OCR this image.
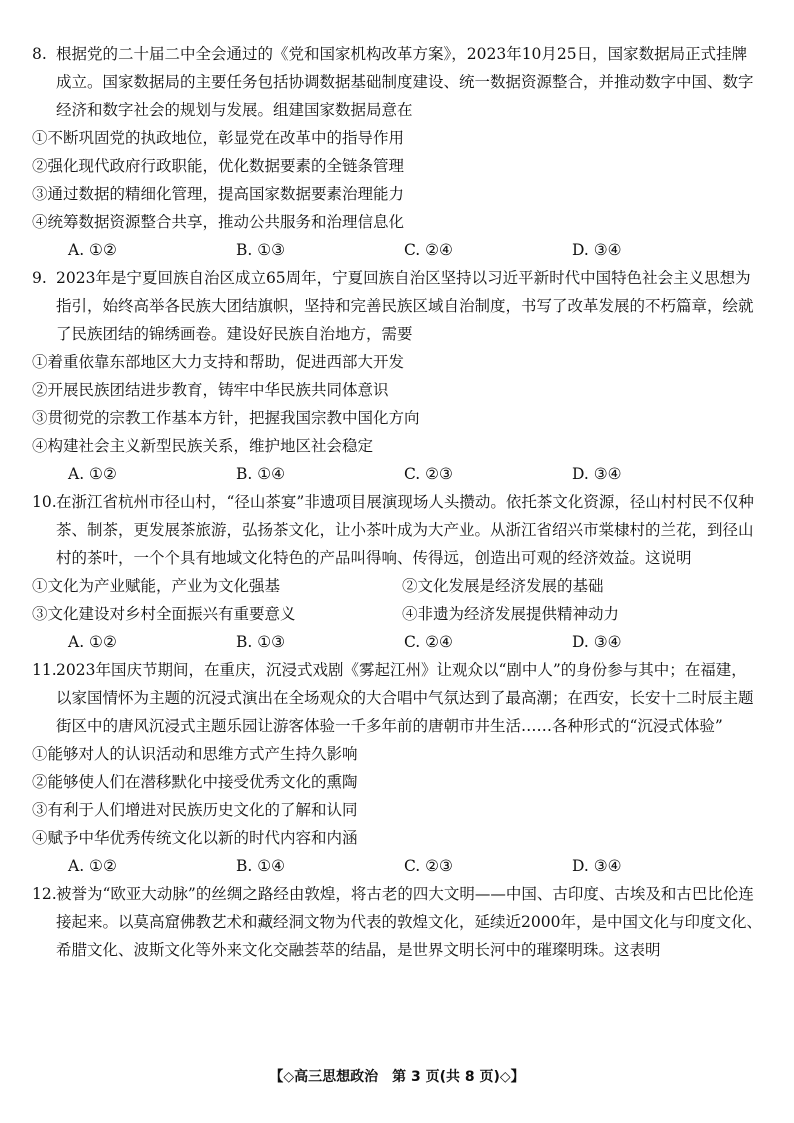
8. 根据党的二十届二中全会通过的《党和国家机构改革方案》，2023年10月25日，国家数据局正式挂牌成立。国家数据局的主要任务包括协调数据基础制度建设、统一数据资源整合，并推动数字中国、数字经济和数字社会的规划与发展。组建国家数据局意在

①不断巩固党的执政地位，彰显党在改革中的指导作用

②强化现代政府行政职能，优化数据要素的全链条管理

③通过数据的精细化管理，提高国家数据要素治理能力

④统筹数据资源整合共享，推动公共服务和治理信息化

A. ①②	B. ①③	C. ②④	D. ③④

9. 2023年是宁夏回族自治区成立65周年，宁夏回族自治区坚持以习近平新时代中国特色社会主义思想为指引，始终高举各民族大团结旗帜，坚持和完善民族区域自治制度，书写了改革发展的不朽篇章，绘就了民族团结的锦绣画卷。建设好民族自治地方，需要

①着重依靠东部地区大力支持和帮助，促进西部大开发

②开展民族团结进步教育，铸牢中华民族共同体意识

③贯彻党的宗教工作基本方针，把握我国宗教中国化方向

④构建社会主义新型民族关系，维护地区社会稳定

A. ①②	B. ①④	C. ②③	D. ③④

10.在浙江省杭州市径山村，“径山茶宴”非遗项目展演现场人头攒动。依托茶文化资源，径山村村民不仅种茶、制茶，更发展茶旅游，弘扬茶文化，让小茶叶成为大产业。从浙江省绍兴市棠棣村的兰花，到径山村的茶叶，一个个具有地域文化特色的产品叫得响、传得远，创造出可观的经济效益。这说明

①文化为产业赋能，产业为文化强基	②文化发展是经济发展的基础
③文化建设对乡村全面振兴有重要意义	④非遗为经济发展提供精神动力
A. ①②	B. ①③	C. ②④	D. ③④

11.2023年国庆节期间，在重庆，沉浸式戏剧《雾起江州》让观众以“剧中人”的身份参与其中；在福建，以家国情怀为主题的沉浸式演出在全场观众的大合唱中气氛达到了最高潮；在西安，长安十二时辰主题街区中的唐风沉浸式主题乐园让游客体验一千多年前的唐朝市井生活……各种形式的“沉浸式体验”

①能够对人的认识活动和思维方式产生持久影响

②能够使人们在潜移默化中接受优秀文化的熏陶

③有利于人们增进对民族历史文化的了解和认同

④赋予中华优秀传统文化以新的时代内容和内涵

A. ①②	B. ①④	C. ②③	D. ③④

12.被誉为“欧亚大动脉”的丝绸之路经由敦煌，将古老的四大文明——中国、古印度、古埃及和古巴比伦连接起来。以莫高窟佛教艺术和藏经洞文物为代表的敦煌文化，延续近2000年，是中国文化与印度文化、希腊文化、波斯文化等外来文化交融荟萃的结晶，是世界文明长河中的璀璨明珠。这表明

【◇高三思想政治　第 3 页(共 8 页)◇】
